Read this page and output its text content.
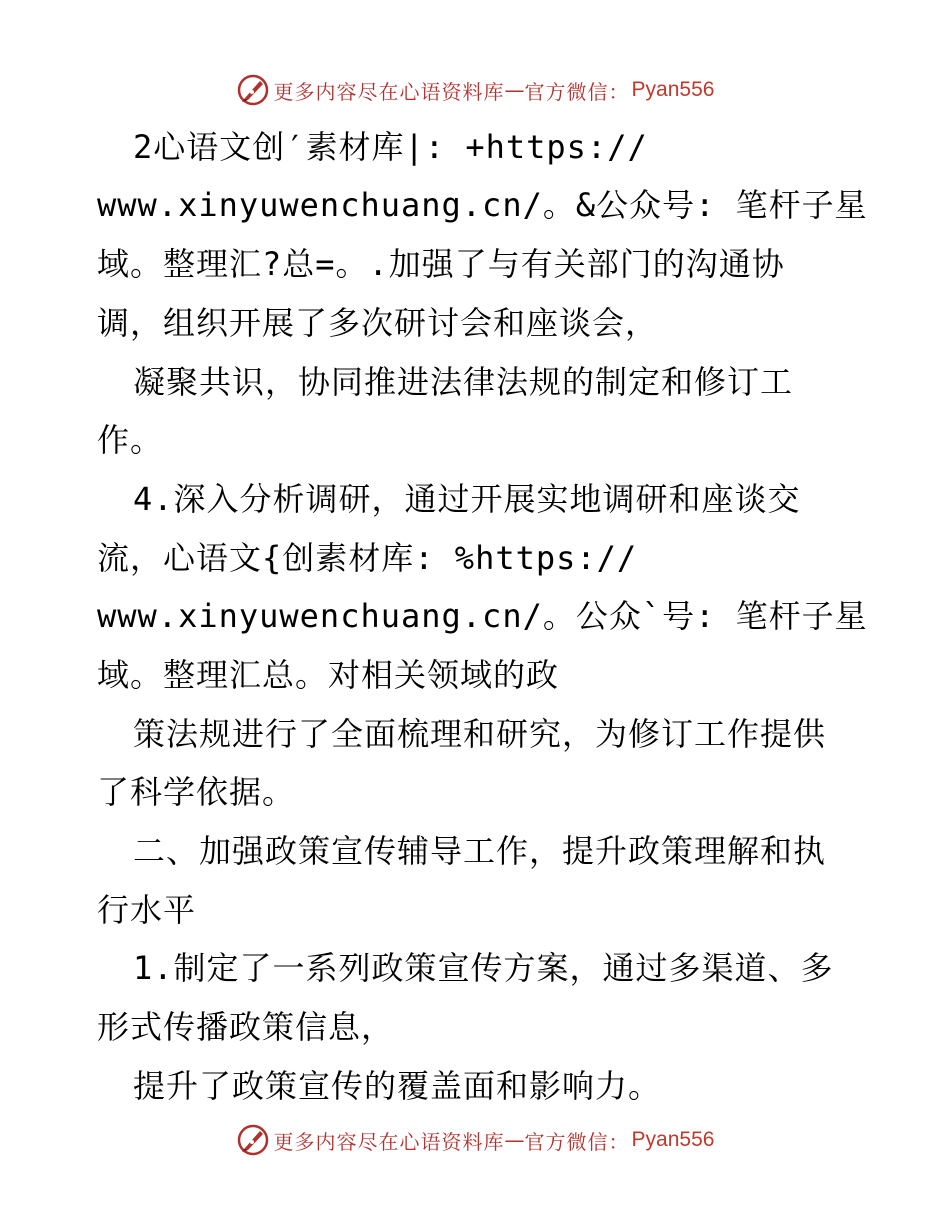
更多内容尽在心语资料库 — 官方微信： Pyan556
2心语文创′素材库|: +https://
www.xinyuwenchuang.cn/。&公众号: 笔杆子星
域。整理汇?总=。.加强了与有关部门的沟通协
调，组织开展了多次研讨会和座谈会，
凝聚共识，协同推进法律法规的制定和修订工
作。
4.深入分析调研，通过开展实地调研和座谈交
流，心语文{创素材库: %https://
www.xinyuwenchuang.cn/。公众`号: 笔杆子星
域。整理汇总。对相关领域的政
策法规进行了全面梳理和研究，为修订工作提供
了科学依据。
二、加强政策宣传辅导工作，提升政策理解和执
行水平
1.制定了一系列政策宣传方案，通过多渠道、多
形式传播政策信息，
提升了政策宣传的覆盖面和影响力。
更多内容尽在心语资料库 — 官方微信： Pyan556
